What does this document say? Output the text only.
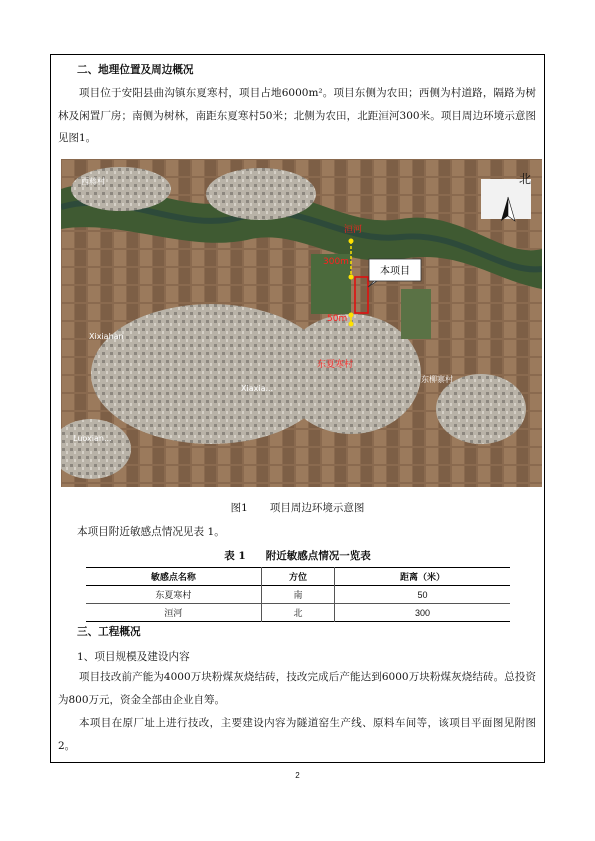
二、地理位置及周边概况

项目位于安阳县曲沟镇东夏寒村，项目占地6000m²。项目东侧为农田；西侧为村道路，隔路为树林及闲置厂房；南侧为树林，南距东夏寒村50米；北侧为农田，北距洹河300米。项目周边环境示意图见图1。

本项目
洹河
300m
50m
东夏寒村
西蒋村
东柳寨村
Xixiahan
Xiaxia...
Luoxian...
北
图1 项目周边环境示意图

本项目附近敏感点情况见表 1。

表 1 附近敏感点情况一览表
敏感点名称	方位	距离（米）
东夏寒村	南	50
洹河	北	300

三、工程概况

1、项目规模及建设内容

项目技改前产能为4000万块粉煤灰烧结砖，技改完成后产能达到6000万块粉煤灰烧结砖。总投资为800万元，资金全部由企业自筹。

本项目在原厂址上进行技改，主要建设内容为隧道窑生产线、原料车间等，该项目平面图见附图2。

2
